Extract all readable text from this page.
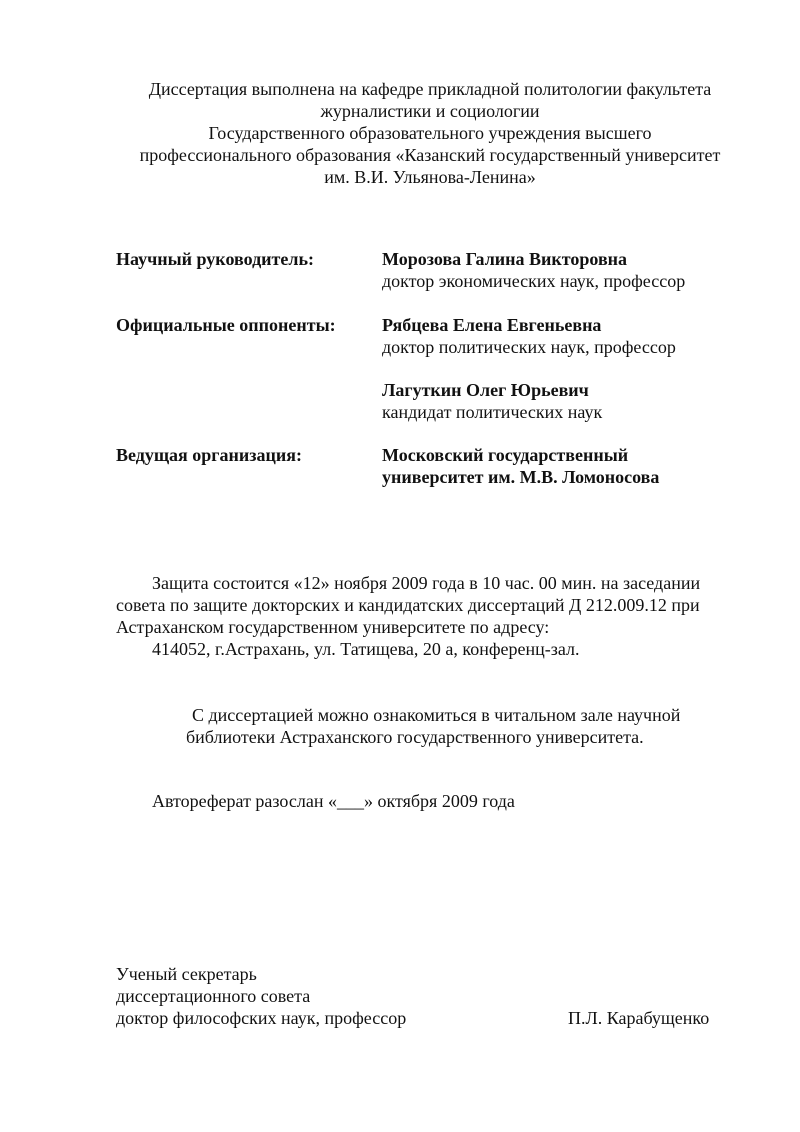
Диссертация выполнена на кафедре прикладной политологии факультета
журналистики и социологии
Государственного образовательного учреждения высшего
профессионального образования «Казанский государственный университет
им. В.И. Ульянова-Ленина»
Научный руководитель:	Морозова Галина Викторовна
доктор экономических наук, профессор
Официальные оппоненты:	Рябцева Елена Евгеньевна
доктор политических наук, профессор
Лагуткин Олег Юрьевич
кандидат политических наук
Ведущая организация:	Московский государственный
университет им. М.В. Ломоносова
Защита состоится «12» ноября 2009 года в 10 час. 00 мин. на заседании
совета по защите докторских и кандидатских диссертаций Д 212.009.12 при
Астраханском государственном университете по адресу:
414052, г.Астрахань, ул. Татищева, 20 а, конференц-зал.
С диссертацией можно ознакомиться в читальном зале научной
библиотеки Астраханского государственного университета.
Автореферат разослан «___» октября 2009 года
Ученый секретарь
диссертационного совета
доктор философских наук, профессор	П.Л. Карабущенко
